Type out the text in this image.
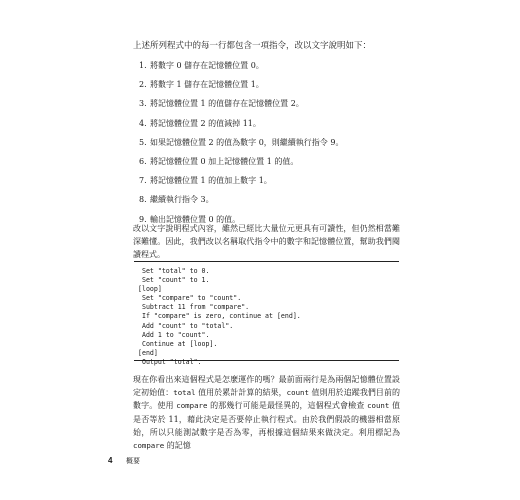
上述所列程式中的每一行都包含一項指令，改以文字說明如下：
1. 將數字 0 儲存在記憶體位置 0。
2. 將數字 1 儲存在記憶體位置 1。
3. 將記憶體位置 1 的值儲存在記憶體位置 2。
4. 將記憶體位置 2 的值減掉 11。
5. 如果記憶體位置 2 的值為數字 0，則繼續執行指令 9。
6. 將記憶體位置 0 加上記憶體位置 1 的值。
7. 將記憶體位置 1 的值加上數字 1。
8. 繼續執行指令 3。
9. 輸出記憶體位置 0 的值。
改以文字說明程式內容，雖然已經比大量位元更具有可讀性，但仍然相當難深難懂。因此，我們改以名稱取代指令中的數字和記憶體位置，幫助我們閱讀程式。
Set "total" to 0.
Set "count" to 1.
[loop]
Set "compare" to "count".
Subtract 11 from "compare".
If "compare" is zero, continue at [end].
Add "count" to "total".
Add 1 to "count".
Continue at [loop].
[end]
Output "total".
現在你看出來這個程式是怎麼運作的嗎？最前面兩行是為兩個記憶體位置設定初始值：total 值用於累計計算的結果，count 值則用於追蹤我們目前的數字。使用 compare 的那幾行可能是最怪異的，這個程式會檢查 count 值是否等於 11，藉此決定是否要停止執行程式。由於我們假設的機器相當原始，所以只能測試數字是否為零，再根據這個結果來做決定。利用標記為 compare 的記憶
4 概要
